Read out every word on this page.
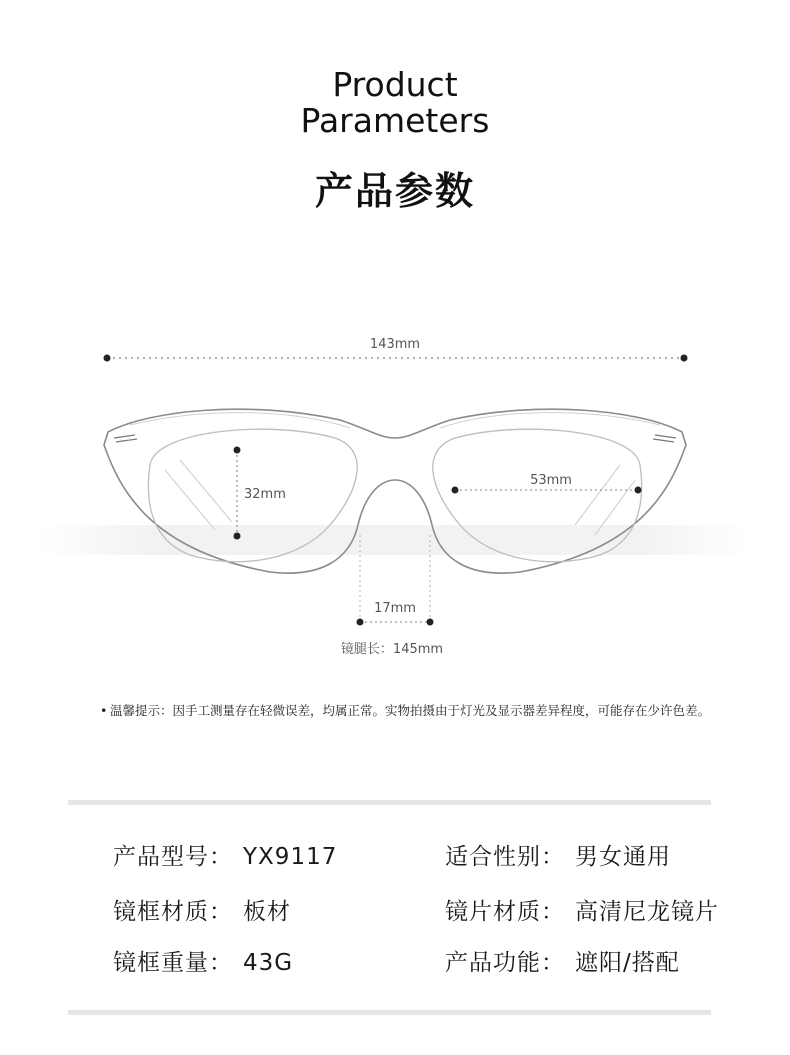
Product
Parameters
产品参数
143mm
32mm
53mm
17mm
镜腿长：145mm
• 温馨提示：因手工测量存在轻微误差，均属正常。实物拍摄由于灯光及显示器差异程度，可能存在少许色差。
产品型号： YX9117
镜框材质： 板材
镜框重量： 43G
适合性别： 男女通用
镜片材质： 高清尼龙镜片
产品功能： 遮阳/搭配
